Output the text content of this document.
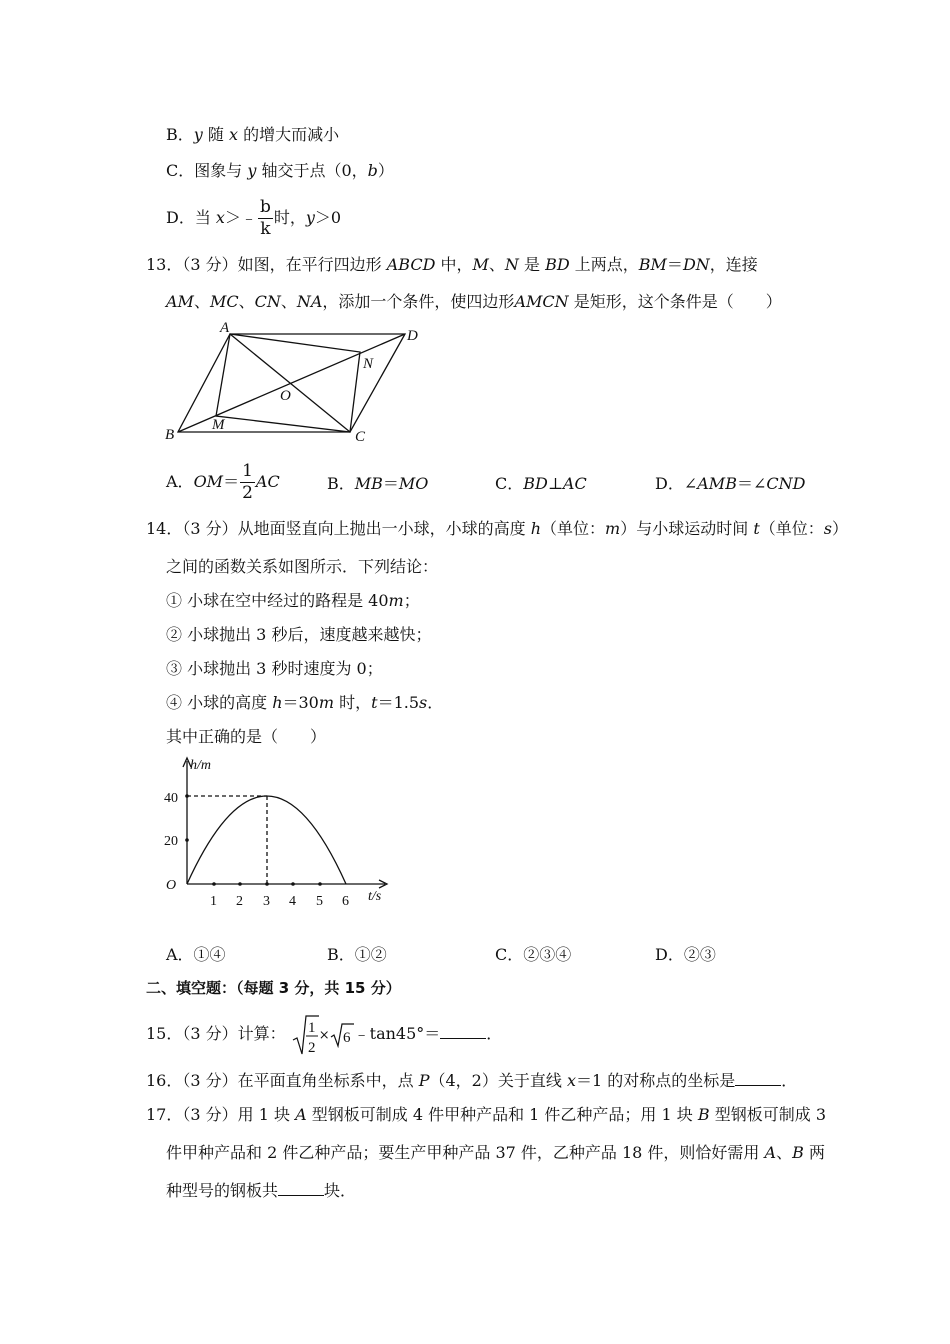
B．y 随 x 的增大而减小
C．图象与 y 轴交于点（0，b）
D．当 x＞﹣ $\frac{b}{k}$ 时，y＞0
13．（3 分）如图，在平行四边形 ABCD 中，M、N 是 BD 上两点，BM＝DN，连接
AM、MC、CN、NA，添加一个条件，使四边形AMCN 是矩形，这个条件是（　　）
A
B	C
D
M
N
O
A．$OM= \frac{1}{2}$ AC	B．MB＝MO	C．BD⊥AC	D．∠AMB＝∠CND
14．（3 分）从地面竖直向上抛出一小球，小球的高度 h（单位：m）与小球运动时间 t（单位：s）
之间的函数关系如图所示．下列结论：
① 小球在空中经过的路程是 40m；
② 小球抛出 3 秒后，速度越来越快；
③ 小球抛出 3 秒时速度为 0；
④ 小球的高度 h＝30m 时，t＝1.5s．
其中正确的是（　　）
h/m
t/s
O
20
40
1 2 3 4 5 6
A．①④	B．①②	C．②③④	D．②③
二、填空题：（每题 3 分，共 15 分）
15．（3 分）计算： 1
2
× 6 ﹣tan45°＝	．
16．（3 分）在平面直角坐标系中，点 P（4，2）关于直线 x＝1 的对称点的坐标是	．
17．（3 分）用 1 块 A 型钢板可制成 4 件甲种产品和 1 件乙种产品；用 1 块 B 型钢板可制成 3
件甲种产品和 2 件乙种产品；要生产甲种产品 37 件，乙种产品 18 件，则恰好需用 A、B 两
种型号的钢板共	块．
